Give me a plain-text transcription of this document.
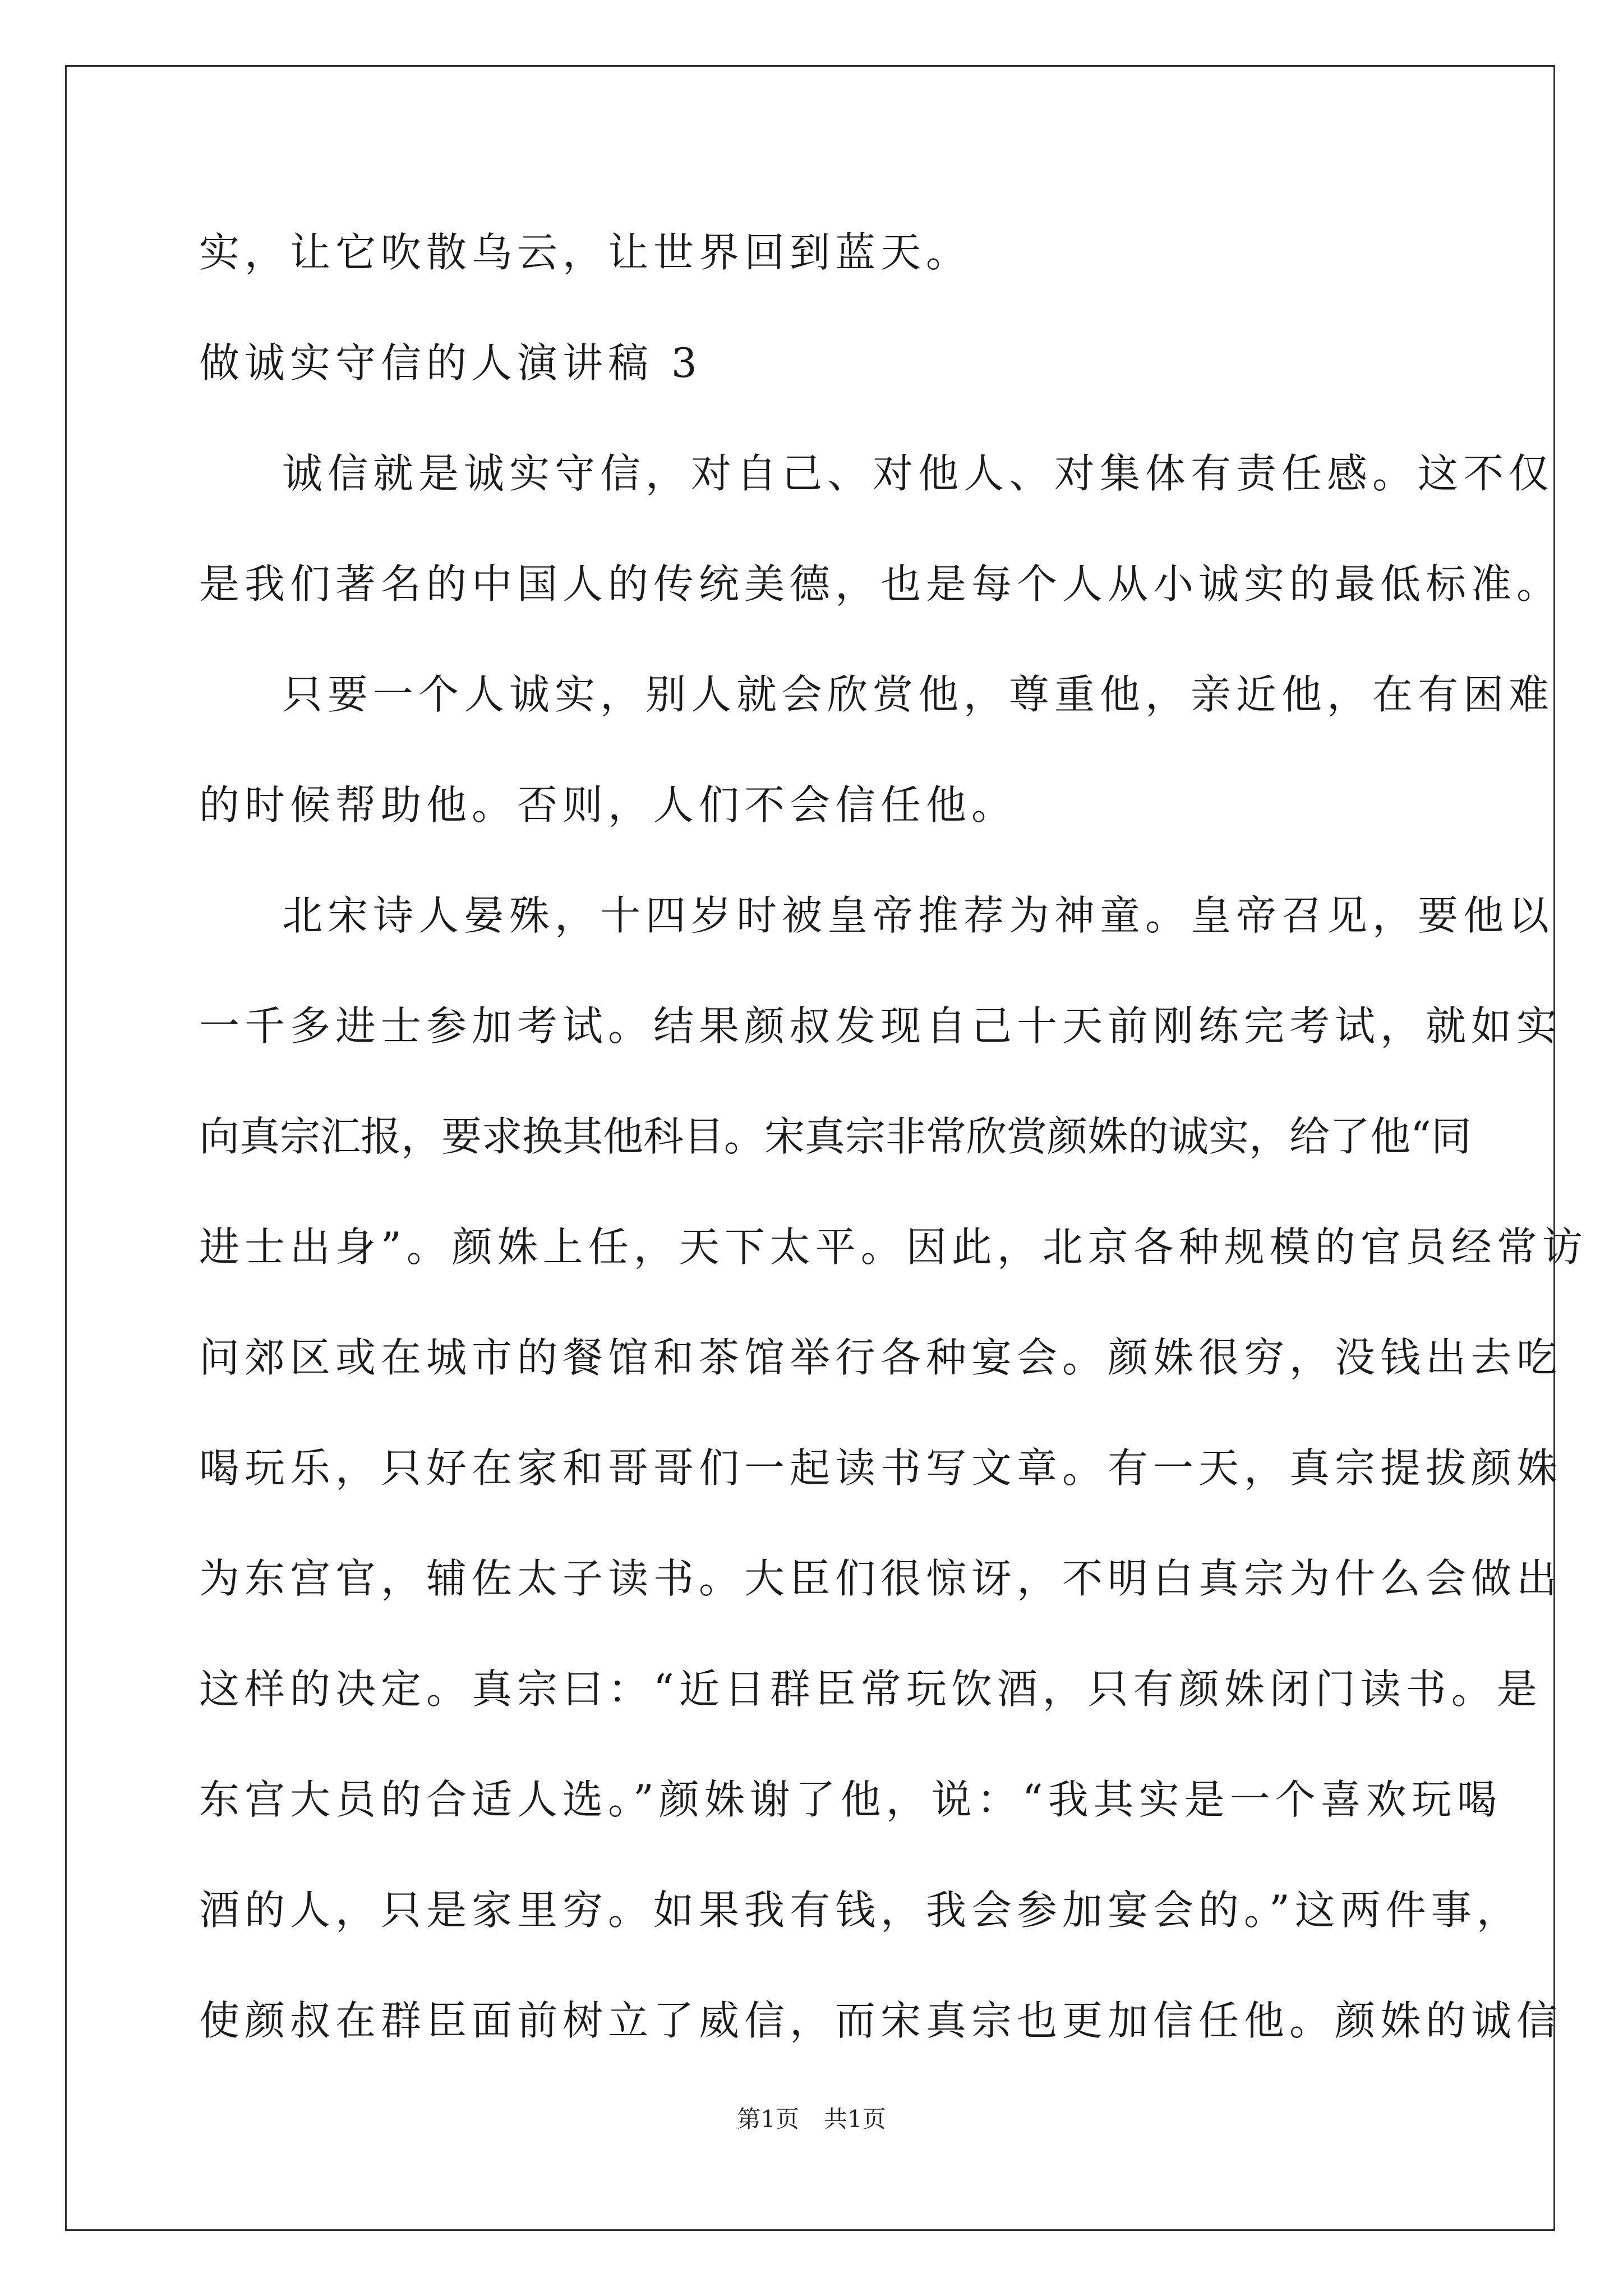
实，让它吹散乌云，让世界回到蓝天。
做诚实守信的人演讲稿 3
诚信就是诚实守信，对自己、对他人、对集体有责任感。这不仅
是我们著名的中国人的传统美德，也是每个人从小诚实的最低标准。
只要一个人诚实，别人就会欣赏他，尊重他，亲近他，在有困难
的时候帮助他。否则，人们不会信任他。
北宋诗人晏殊，十四岁时被皇帝推荐为神童。皇帝召见，要他以
一千多进士参加考试。结果颜叔发现自己十天前刚练完考试，就如实
向真宗汇报，要求换其他科目。宋真宗非常欣赏颜姝的诚实，给了他“同
进士出身”。颜姝上任，天下太平。因此，北京各种规模的官员经常访
问郊区或在城市的餐馆和茶馆举行各种宴会。颜姝很穷，没钱出去吃
喝玩乐，只好在家和哥哥们一起读书写文章。有一天，真宗提拔颜姝
为东宫官，辅佐太子读书。大臣们很惊讶，不明白真宗为什么会做出
这样的决定。真宗曰：“近日群臣常玩饮酒，只有颜姝闭门读书。是
东宫大员的合适人选。”颜姝谢了他，说：“我其实是一个喜欢玩喝
酒的人，只是家里穷。如果我有钱，我会参加宴会的。”这两件事，
使颜叔在群臣面前树立了威信，而宋真宗也更加信任他。颜姝的诚信
第1页 共1页
